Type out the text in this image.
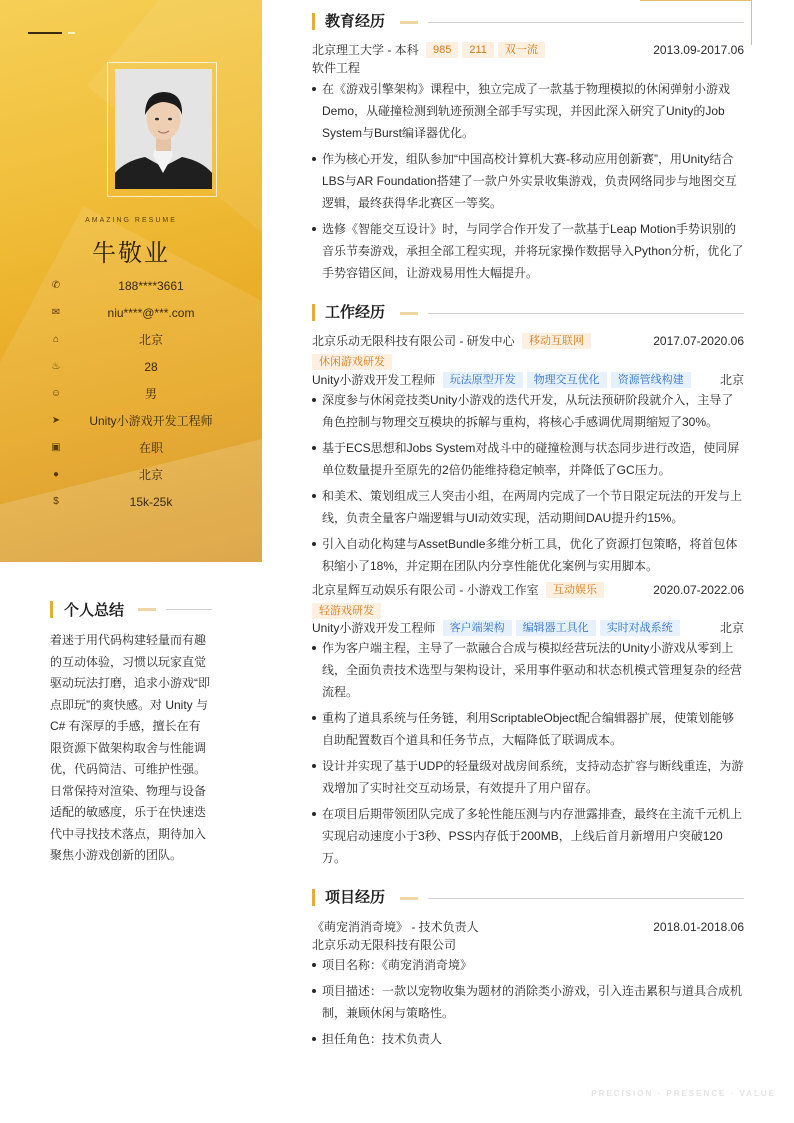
AMAZING RESUME
牛敬业
✆	188****3661
✉	niu****@***.com
⌂	北京
♨	28
☺	男
➤	Unity小游戏开发工程师
▣	在职
●	北京
$	15k-25k
个人总结
着迷于用代码构建轻量而有趣的互动体验，习惯以玩家直觉驱动玩法打磨，追求小游戏“即点即玩”的爽快感。对 Unity 与 C# 有深厚的手感，擅长在有限资源下做架构取舍与性能调优，代码简洁、可维护性强。日常保持对渲染、物理与设备适配的敏感度，乐于在快速迭代中寻找技术落点，期待加入聚焦小游戏创新的团队。
教育经历
北京理工大学 - 本科 985 211 双一流	2013.09-2017.06
软件工程
在《游戏引擎架构》课程中，独立完成了一款基于物理模拟的休闲弹射小游戏Demo，从碰撞检测到轨迹预测全部手写实现，并因此深入研究了Unity的Job System与Burst编译器优化。
作为核心开发，组队参加“中国高校计算机大赛-移动应用创新赛”，用Unity结合LBS与AR Foundation搭建了一款户外实景收集游戏，负责网络同步与地图交互逻辑，最终获得华北赛区一等奖。
选修《智能交互设计》时，与同学合作开发了一款基于Leap Motion手势识别的音乐节奏游戏，承担全部工程实现，并将玩家操作数据导入Python分析，优化了手势容错区间，让游戏易用性大幅提升。
工作经历
北京乐动无限科技有限公司 - 研发中心 移动互联网	2017.07-2020.06
休闲游戏研发
Unity小游戏开发工程师 玩法原型开发 物理交互优化 资源管线构建	北京
深度参与休闲竞技类Unity小游戏的迭代开发，从玩法预研阶段就介入，主导了角色控制与物理交互模块的拆解与重构，将核心手感调优周期缩短了30%。
基于ECS思想和Jobs System对战斗中的碰撞检测与状态同步进行改造，使同屏单位数量提升至原先的2倍仍能维持稳定帧率，并降低了GC压力。
和美术、策划组成三人突击小组，在两周内完成了一个节日限定玩法的开发与上线，负责全量客户端逻辑与UI动效实现，活动期间DAU提升约15%。
引入自动化构建与AssetBundle多维分析工具，优化了资源打包策略，将首包体积缩小了18%，并定期在团队内分享性能优化案例与实用脚本。
北京星辉互动娱乐有限公司 - 小游戏工作室 互动娱乐	2020.07-2022.06
轻游戏研发
Unity小游戏开发工程师 客户端架构 编辑器工具化 实时对战系统	北京
作为客户端主程，主导了一款融合合成与模拟经营玩法的Unity小游戏从零到上线，全面负责技术选型与架构设计，采用事件驱动和状态机模式管理复杂的经营流程。
重构了道具系统与任务链，利用ScriptableObject配合编辑器扩展，使策划能够自助配置数百个道具和任务节点，大幅降低了联调成本。
设计并实现了基于UDP的轻量级对战房间系统，支持动态扩容与断线重连，为游戏增加了实时社交互动场景，有效提升了用户留存。
在项目后期带领团队完成了多轮性能压测与内存泄露排查，最终在主流千元机上实现启动速度小于3秒、PSS内存低于200MB，上线后首月新增用户突破120万。
项目经历
《萌宠消消奇境》 - 技术负责人	2018.01-2018.06
北京乐动无限科技有限公司
项目名称：《萌宠消消奇境》
项目描述：一款以宠物收集为题材的消除类小游戏，引入连击累积与道具合成机制，兼顾休闲与策略性。
担任角色：技术负责人
PRECISION · PRESENCE · VALUE
